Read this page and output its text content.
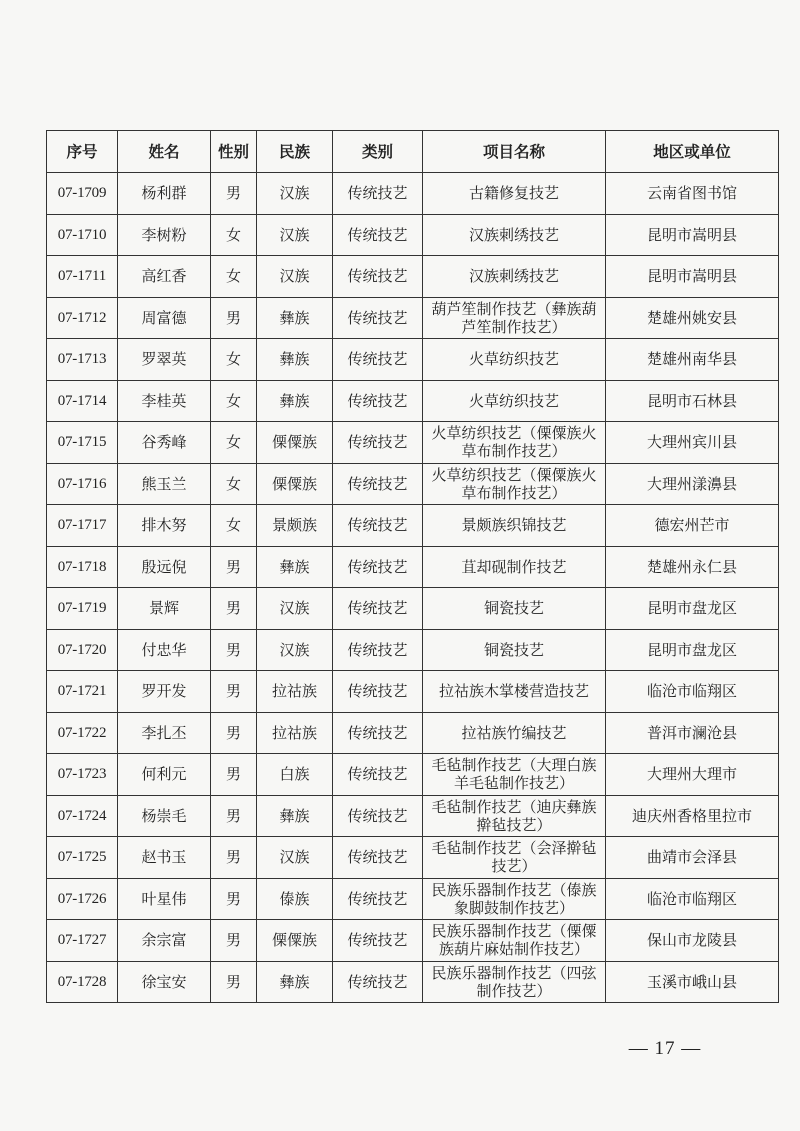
序号	姓名	性别	民族	类别	项目名称	地区或单位
07-1709	杨利群	男	汉族	传统技艺	古籍修复技艺	云南省图书馆
07-1710	李树粉	女	汉族	传统技艺	汉族刺绣技艺	昆明市嵩明县
07-1711	高红香	女	汉族	传统技艺	汉族刺绣技艺	昆明市嵩明县
07-1712	周富德	男	彝族	传统技艺	葫芦笙制作技艺（彝族葫芦笙制作技艺）	楚雄州姚安县
07-1713	罗翠英	女	彝族	传统技艺	火草纺织技艺	楚雄州南华县
07-1714	李桂英	女	彝族	传统技艺	火草纺织技艺	昆明市石林县
07-1715	谷秀峰	女	傈僳族	传统技艺	火草纺织技艺（傈僳族火草布制作技艺）	大理州宾川县
07-1716	熊玉兰	女	傈僳族	传统技艺	火草纺织技艺（傈僳族火草布制作技艺）	大理州漾濞县
07-1717	排木努	女	景颇族	传统技艺	景颇族织锦技艺	德宏州芒市
07-1718	殷远倪	男	彝族	传统技艺	苴却砚制作技艺	楚雄州永仁县
07-1719	景辉	男	汉族	传统技艺	铜瓷技艺	昆明市盘龙区
07-1720	付忠华	男	汉族	传统技艺	铜瓷技艺	昆明市盘龙区
07-1721	罗开发	男	拉祜族	传统技艺	拉祜族木掌楼营造技艺	临沧市临翔区
07-1722	李扎丕	男	拉祜族	传统技艺	拉祜族竹编技艺	普洱市澜沧县
07-1723	何利元	男	白族	传统技艺	毛毡制作技艺（大理白族羊毛毡制作技艺）	大理州大理市
07-1724	杨崇毛	男	彝族	传统技艺	毛毡制作技艺（迪庆彝族擀毡技艺）	迪庆州香格里拉市
07-1725	赵书玉	男	汉族	传统技艺	毛毡制作技艺（会泽擀毡技艺）	曲靖市会泽县
07-1726	叶星伟	男	傣族	传统技艺	民族乐器制作技艺（傣族象脚鼓制作技艺）	临沧市临翔区
07-1727	余宗富	男	傈僳族	传统技艺	民族乐器制作技艺（傈僳族葫片麻姑制作技艺）	保山市龙陵县
07-1728	徐宝安	男	彝族	传统技艺	民族乐器制作技艺（四弦制作技艺）	玉溪市峨山县
— 17 —
